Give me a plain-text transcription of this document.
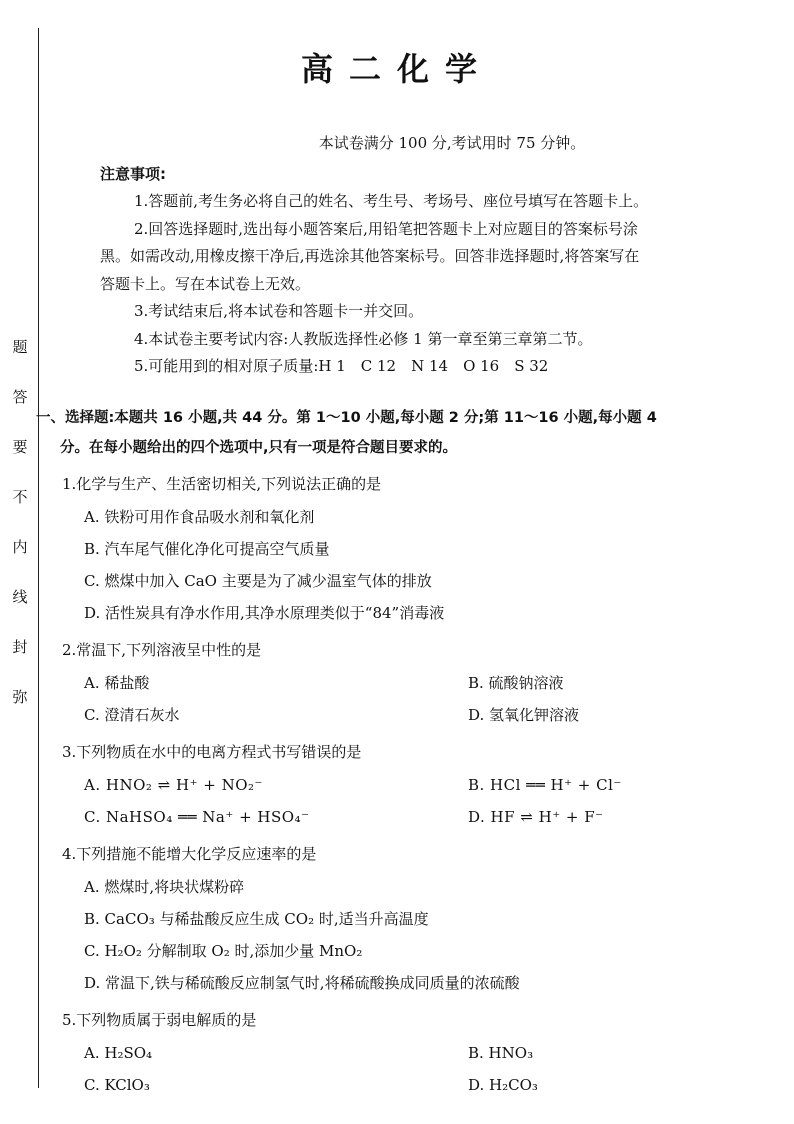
题
答
要
不
内
线
封
弥
高二化学
本试卷满分 100 分,考试用时 75 分钟。
注意事项:

1.答题前,考生务必将自己的姓名、考生号、考场号、座位号填写在答题卡上。

2.回答选择题时,选出每小题答案后,用铅笔把答题卡上对应题目的答案标号涂

黑。如需改动,用橡皮擦干净后,再选涂其他答案标号。回答非选择题时,将答案写在

答题卡上。写在本试卷上无效。

3.考试结束后,将本试卷和答题卡一并交回。

4.本试卷主要考试内容:人教版选择性必修 1 第一章至第三章第二节。

5.可能用到的相对原子质量:H 1　C 12　N 14　O 16　S 32

一、选择题:本题共 16 小题,共 44 分。第 1～10 小题,每小题 2 分;第 11～16 小题,每小题 4
分。在每小题给出的四个选项中,只有一项是符合题目要求的。
1.化学与生产、生活密切相关,下列说法正确的是
A. 铁粉可用作食品吸水剂和氧化剂
B. 汽车尾气催化净化可提高空气质量
C. 燃煤中加入 CaO 主要是为了减少温室气体的排放
D. 活性炭具有净水作用,其净水原理类似于“84”消毒液
2.常温下,下列溶液呈中性的是
A. 稀盐酸	B. 硫酸钠溶液
C. 澄清石灰水	D. 氢氧化钾溶液
3.下列物质在水中的电离方程式书写错误的是
A. HNO₂ ⇌ H⁺ + NO₂⁻	B. HCl ══ H⁺ + Cl⁻
C. NaHSO₄ ══ Na⁺ + HSO₄⁻	D. HF ⇌ H⁺ + F⁻
4.下列措施不能增大化学反应速率的是
A. 燃煤时,将块状煤粉碎
B. CaCO₃ 与稀盐酸反应生成 CO₂ 时,适当升高温度
C. H₂O₂ 分解制取 O₂ 时,添加少量 MnO₂
D. 常温下,铁与稀硫酸反应制氢气时,将稀硫酸换成同质量的浓硫酸
5.下列物质属于弱电解质的是
A. H₂SO₄	B. HNO₃
C. KClO₃	D. H₂CO₃
